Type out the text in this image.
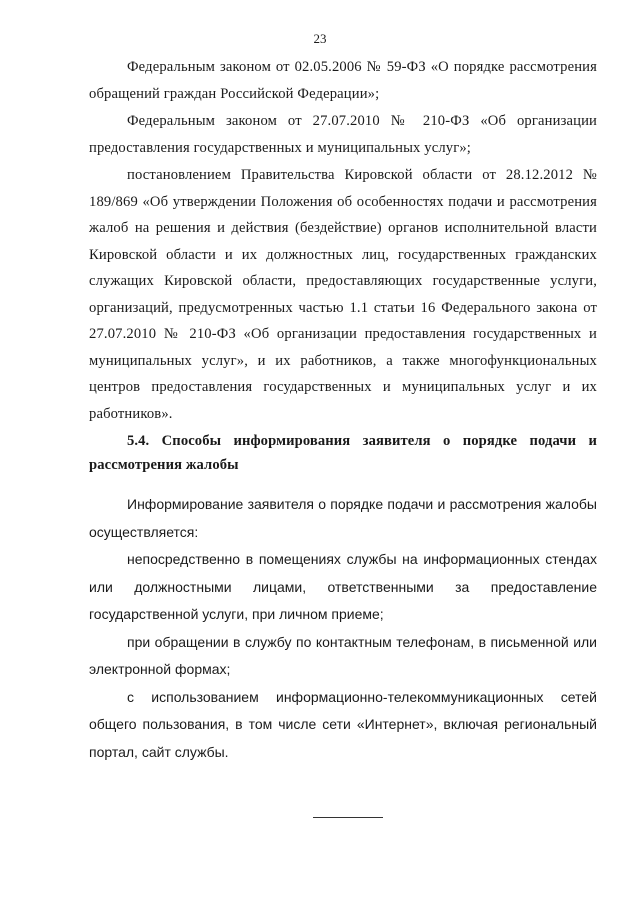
23

Федеральным законом от 02.05.2006 № 59-ФЗ «О порядке рассмотрения обращений граждан Российской Федерации»;

Федеральным законом от 27.07.2010 № 210-ФЗ «Об организации предоставления государственных и муниципальных услуг»;

постановлением Правительства Кировской области от 28.12.2012 № 189/869 «Об утверждении Положения об особенностях подачи и рассмотрения жалоб на решения и действия (бездействие) органов исполнительной власти Кировской области и их должностных лиц, государственных гражданских служащих Кировской области, предоставляющих государственные услуги, организаций, предусмотренных частью 1.1 статьи 16 Федерального закона от 27.07.2010 № 210-ФЗ «Об организации предоставления государственных и муниципальных услуг», и их работников, а также многофункциональных центров предоставления государственных и муниципальных услуг и их работников».

5.4. Способы информирования заявителя о порядке подачи и рассмотрения жалобы

Информирование заявителя о порядке подачи и рассмотрения жалобы осуществляется:

непосредственно в помещениях службы на информационных стендах или должностными лицами, ответственными за предоставление государственной услуги, при личном приеме;

при обращении в службу по контактным телефонам, в письменной или электронной формах;

с использованием информационно-телекоммуникационных сетей общего пользования, в том числе сети «Интернет», включая региональный портал, сайт службы.
